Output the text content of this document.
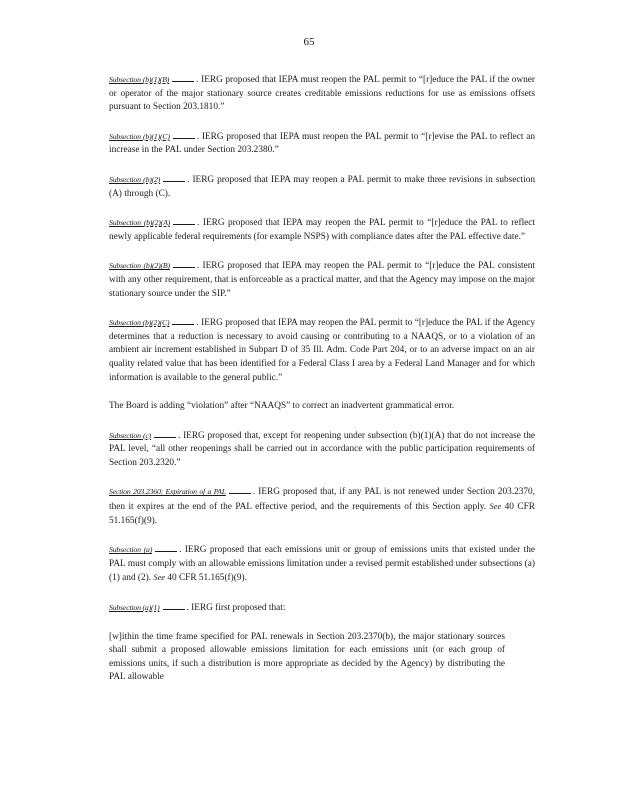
65

Subsection (b)(1)(B)	. IERG proposed that IEPA must reopen the PAL permit to “[r]educe the PAL if the owner or operator of the major stationary source creates creditable emissions reductions for use as emissions offsets pursuant to Section 203.1810.”

Subsection (b)(1)(C)	. IERG proposed that IEPA must reopen the PAL permit to “[r]evise the PAL to reflect an increase in the PAL under Section 203.2380.”

Subsection (b)(2)	. IERG proposed that IEPA may reopen a PAL permit to make three revisions in subsection (A) through (C).

Subsection (b)(2)(A)	. IERG proposed that IEPA may reopen the PAL permit to “[r]educe the PAL to reflect newly applicable federal requirements (for example NSPS) with compliance dates after the PAL effective date.”

Subsection (b)(2)(B)	. IERG proposed that IEPA may reopen the PAL permit to “[r]educe the PAL consistent with any other requirement, that is enforceable as a practical matter, and that the Agency may impose on the major stationary source under the SIP.”

Subsection (b)(2)(C)	. IERG proposed that IEPA may reopen the PAL permit to “[r]educe the PAL if the Agency determines that a reduction is necessary to avoid causing or contributing to a NAAQS, or to a violation of an ambient air increment established in Subpart D of 35 Ill. Adm. Code Part 204, or to an adverse impact on an air quality related value that has been identified for a Federal Class I area by a Federal Land Manager and for which information is available to the general public.”

The Board is adding “violation” after “NAAQS” to correct an inadvertent grammatical error.

Subsection (c)	. IERG proposed that, except for reopening under subsection (b)(1)(A) that do not increase the PAL level, “all other reopenings shall be carried out in accordance with the public participation requirements of Section 203.2320.”

Section 203.2360: Expiration of a PAL	. IERG proposed that, if any PAL is not renewed under Section 203.2370, then it expires at the end of the PAL effective period, and the requirements of this Section apply. See 40 CFR 51.165(f)(9).

Subsection (a)	. IERG proposed that each emissions unit or group of emissions units that existed under the PAL must comply with an allowable emissions limitation under a revised permit established under subsections (a)(1) and (2). See 40 CFR 51.165(f)(9).

Subsection (a)(1)	. IERG first proposed that:

[w]ithin the time frame specified for PAL renewals in Section 203.2370(b), the major stationary sources shall submit a proposed allowable emissions limitation for each emissions unit (or each group of emissions units, if such a distribution is more appropriate as decided by the Agency) by distributing the PAL allowable
